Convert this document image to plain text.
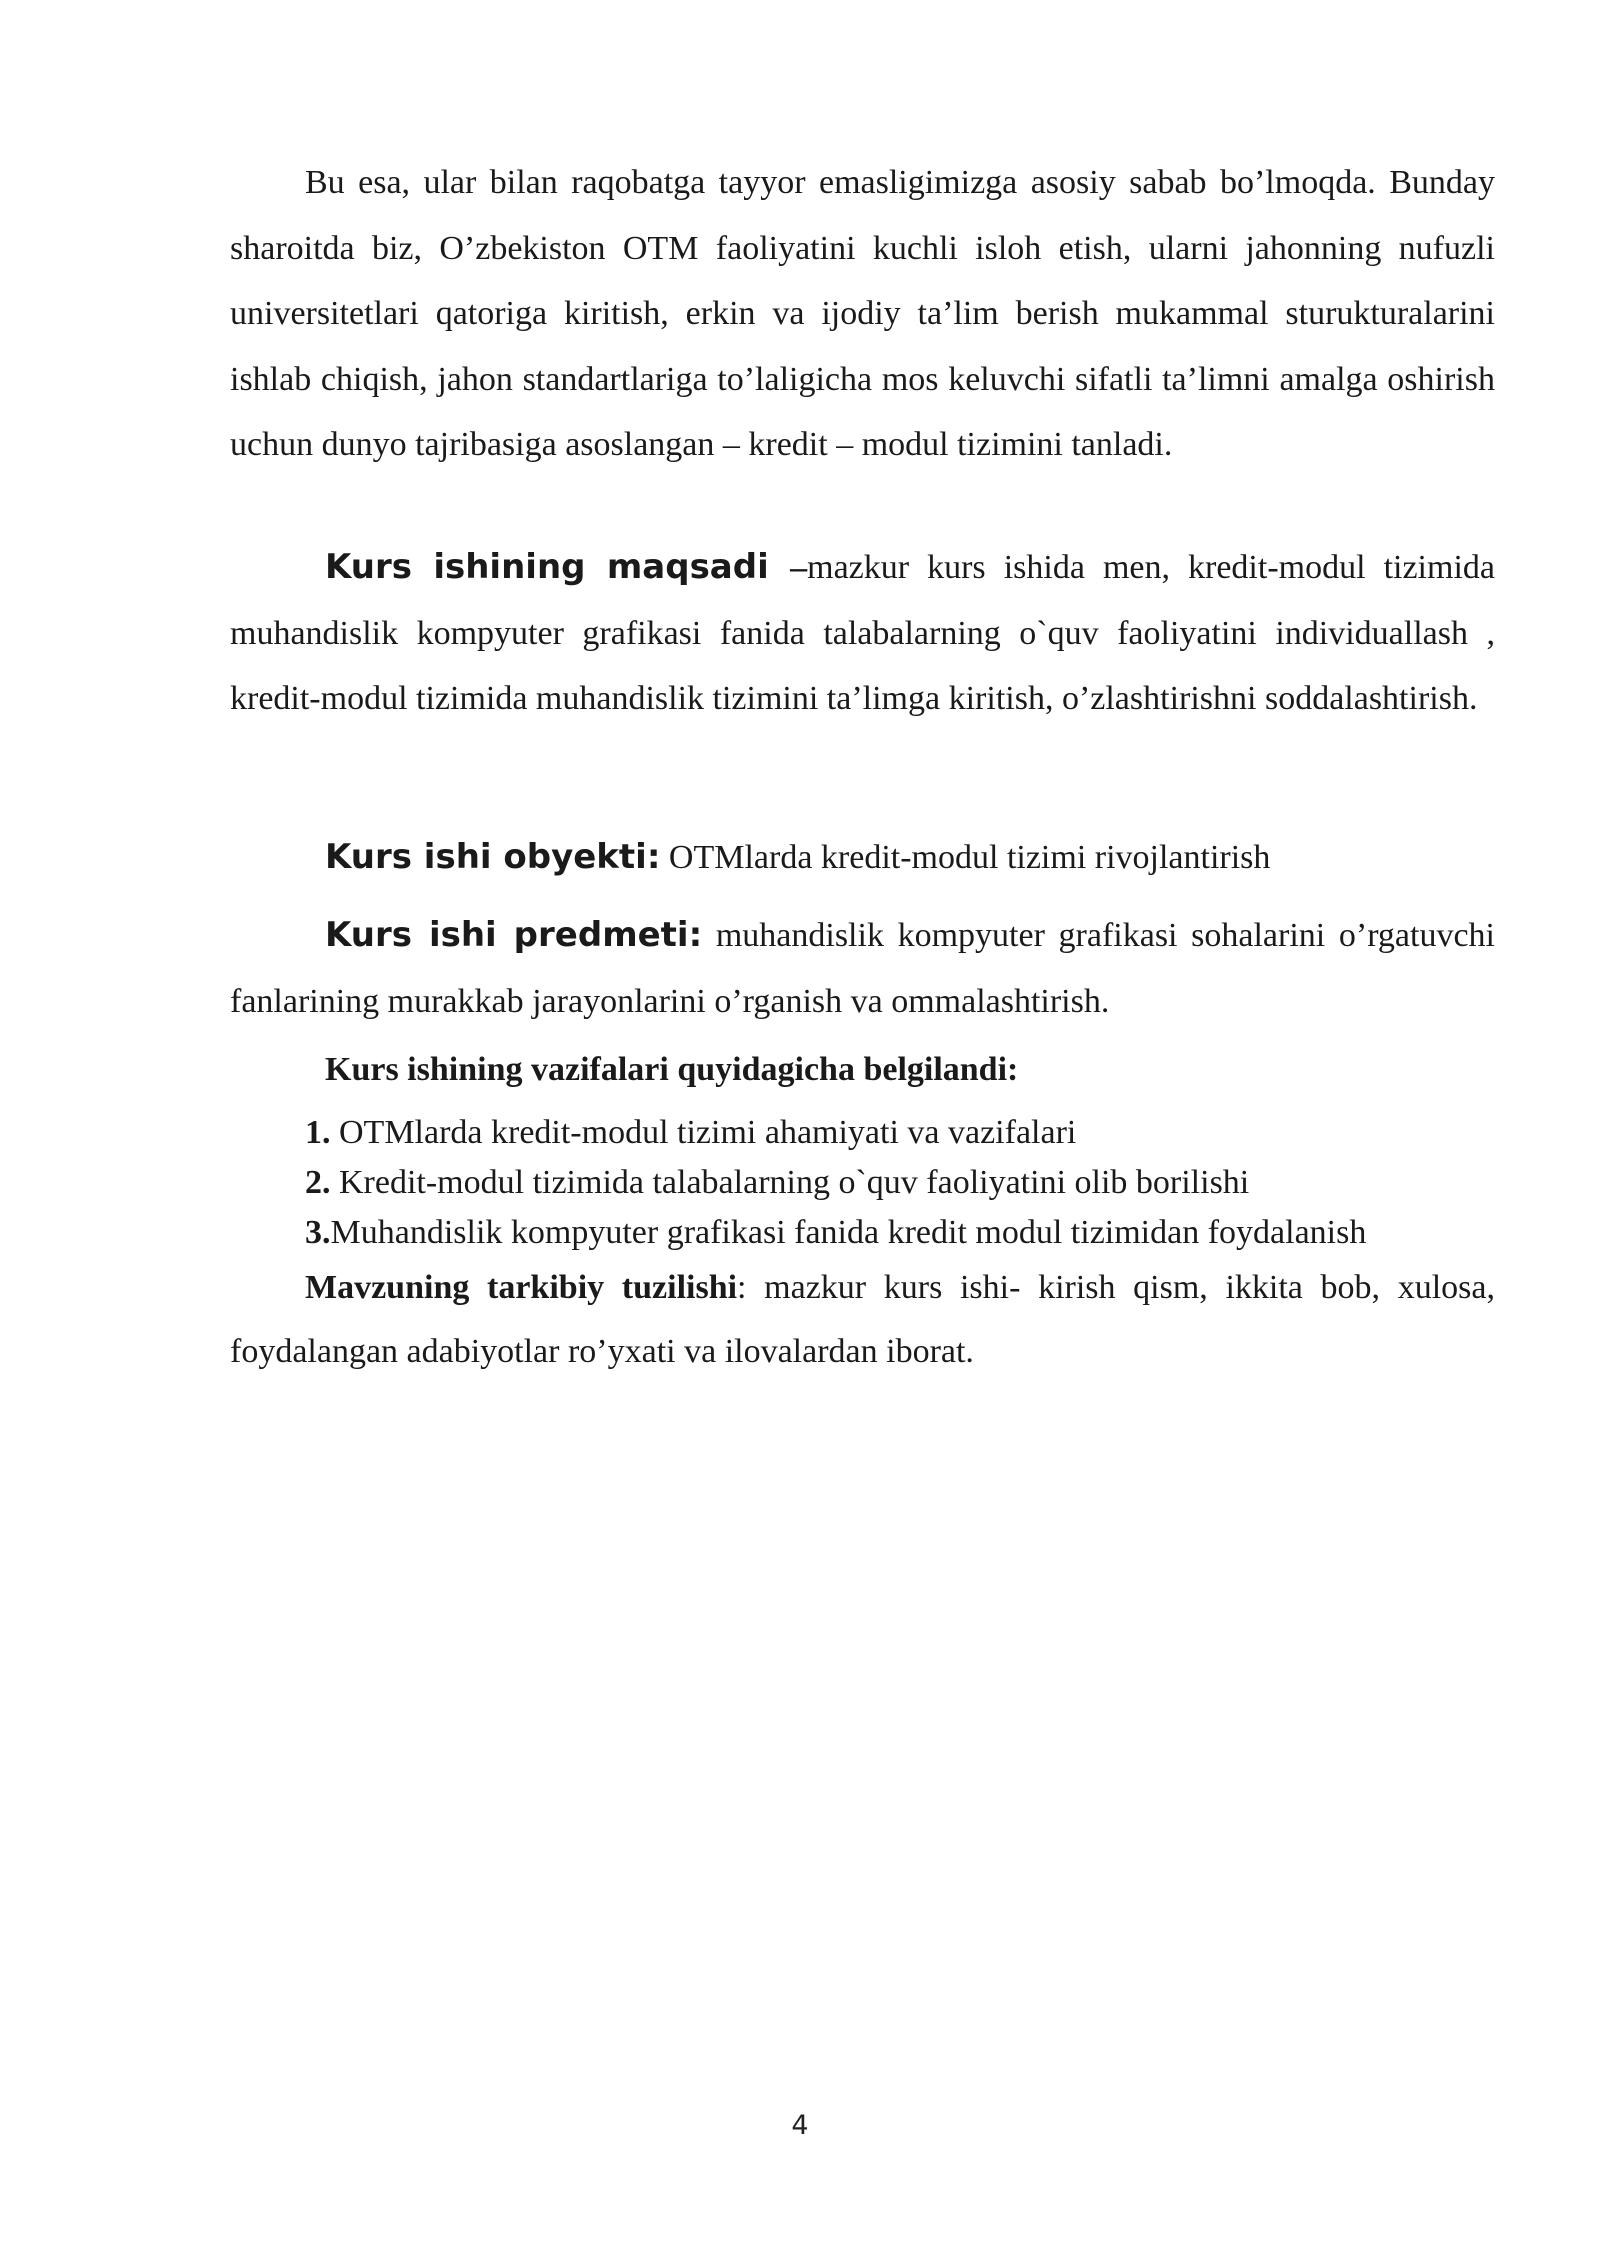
Bu esa, ular bilan raqobatga tayyor emasligimizga asosiy sabab bo’lmoqda. Bunday sharoitda biz, O’zbekiston OTM faoliyatini kuchli isloh etish, ularni jahonning nufuzli universitetlari qatoriga kiritish, erkin va ijodiy ta’lim berish mukammal sturukturalarini ishlab chiqish, jahon standartlariga to’laligicha mos keluvchi sifatli ta’limni amalga oshirish uchun dunyo tajribasiga asoslangan – kredit – modul tizimini tanladi.

Kurs ishining maqsadi –mazkur kurs ishida men, kredit-modul tizimida muhandislik kompyuter grafikasi fanida talabalarning o`quv faoliyatini individuallash , kredit-modul tizimida muhandislik tizimini ta’limga kiritish, o’zlashtirishni soddalashtirish.

Kurs ishi obyekti: OTMlarda kredit-modul tizimi rivojlantirish

Kurs ishi predmeti: muhandislik kompyuter grafikasi sohalarini o’rgatuvchi fanlarining murakkab jarayonlarini o’rganish va ommalashtirish.

Kurs ishining vazifalari quyidagicha belgilandi:

1. OTMlarda kredit-modul tizimi ahamiyati va vazifalari

2. Kredit-modul tizimida talabalarning o`quv faoliyatini olib borilishi

3.Muhandislik kompyuter grafikasi fanida kredit modul tizimidan foydalanish

Mavzuning tarkibiy tuzilishi: mazkur kurs ishi- kirish qism, ikkita bob, xulosa, foydalangan adabiyotlar ro’yxati va ilovalardan iborat.

4
